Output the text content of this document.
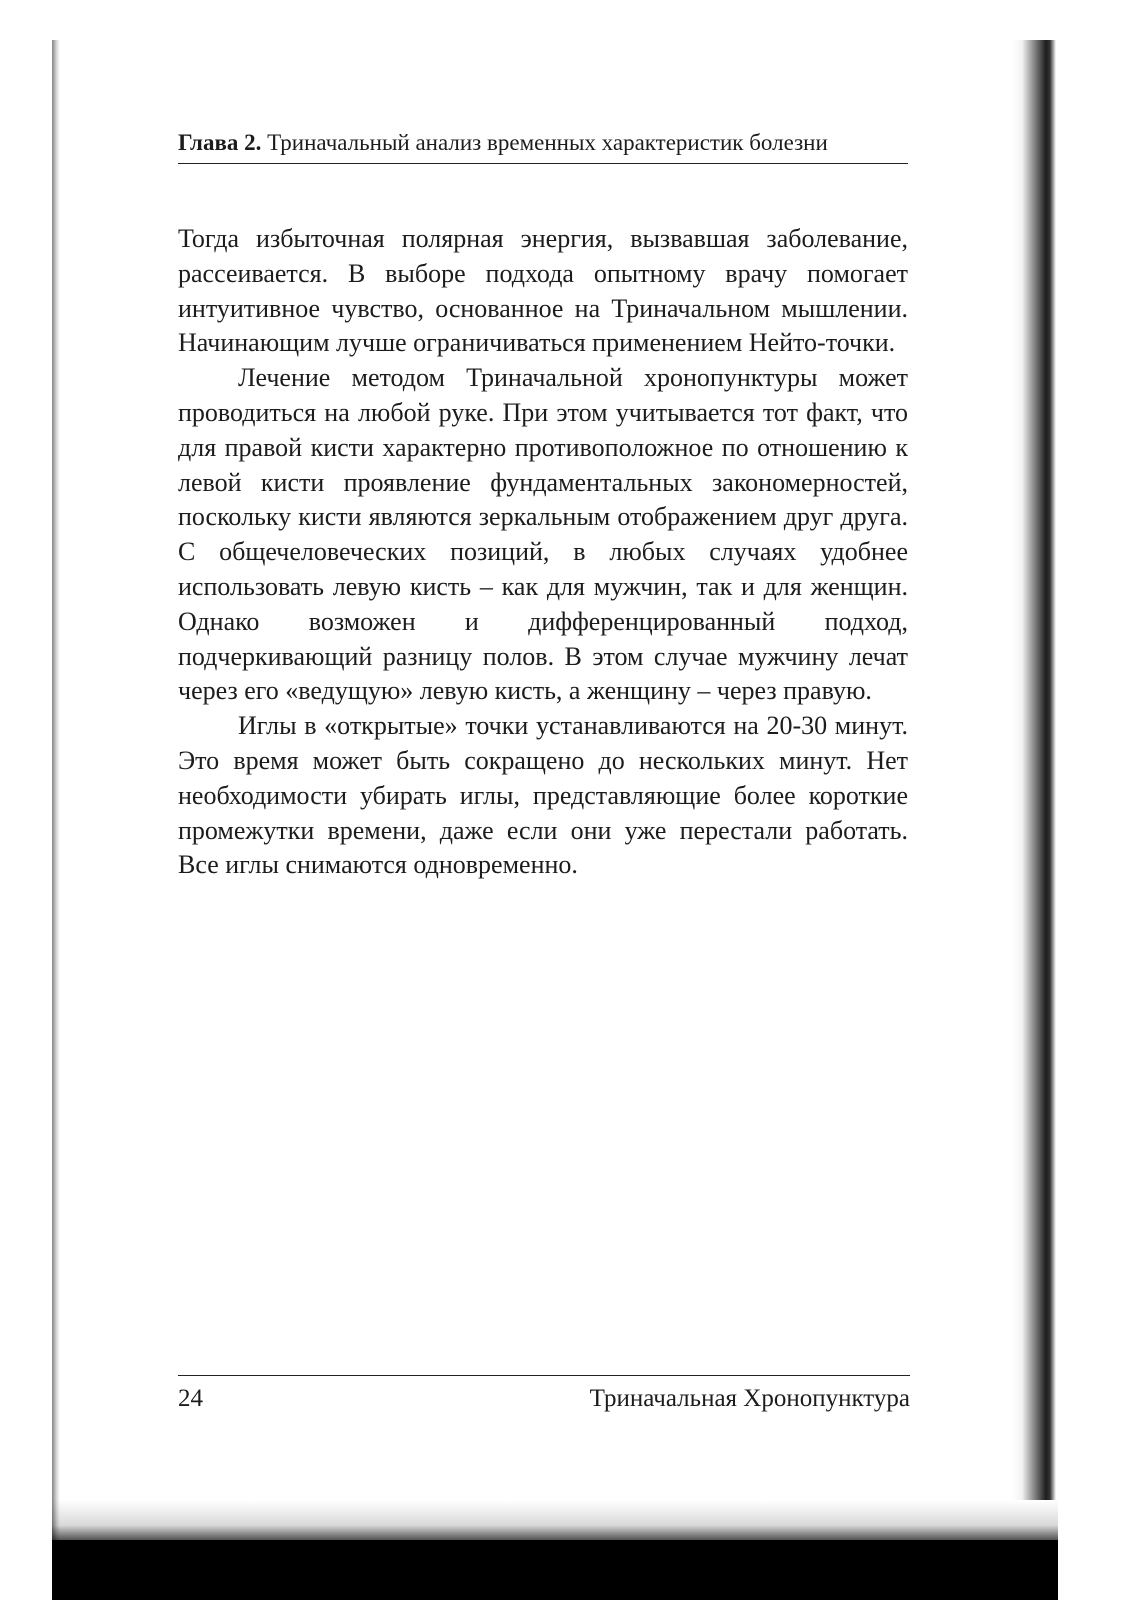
Глава 2. Триначальный анализ временных характеристик болезни

Тогда избыточная полярная энергия, вызвавшая заболевание, рассеивается. В выборе подхода опытному врачу помогает интуитивное чувство, основанное на Триначальном мышлении. Начинающим лучше ограничиваться применением Нейто-точки.

Лечение методом Триначальной хронопунктуры может проводиться на любой руке. При этом учитывается тот факт, что для правой кисти характерно противоположное по отношению к левой кисти проявление фундаментальных закономерностей, поскольку кисти являются зеркальным отображением друг друга. С общечеловеческих позиций, в любых случаях удобнее использовать левую кисть – как для мужчин, так и для женщин. Однако возможен и дифференцированный подход, подчеркивающий разницу полов. В этом случае мужчину лечат через его «ведущую» левую кисть, а женщину – через правую.

Иглы в «открытые» точки устанавливаются на 20-30 минут. Это время может быть сокращено до нескольких минут. Нет необходимости убирать иглы, представляющие более короткие промежутки времени, даже если они уже перестали работать. Все иглы снимаются одновременно.

24	Триначальная Хронопунктура
